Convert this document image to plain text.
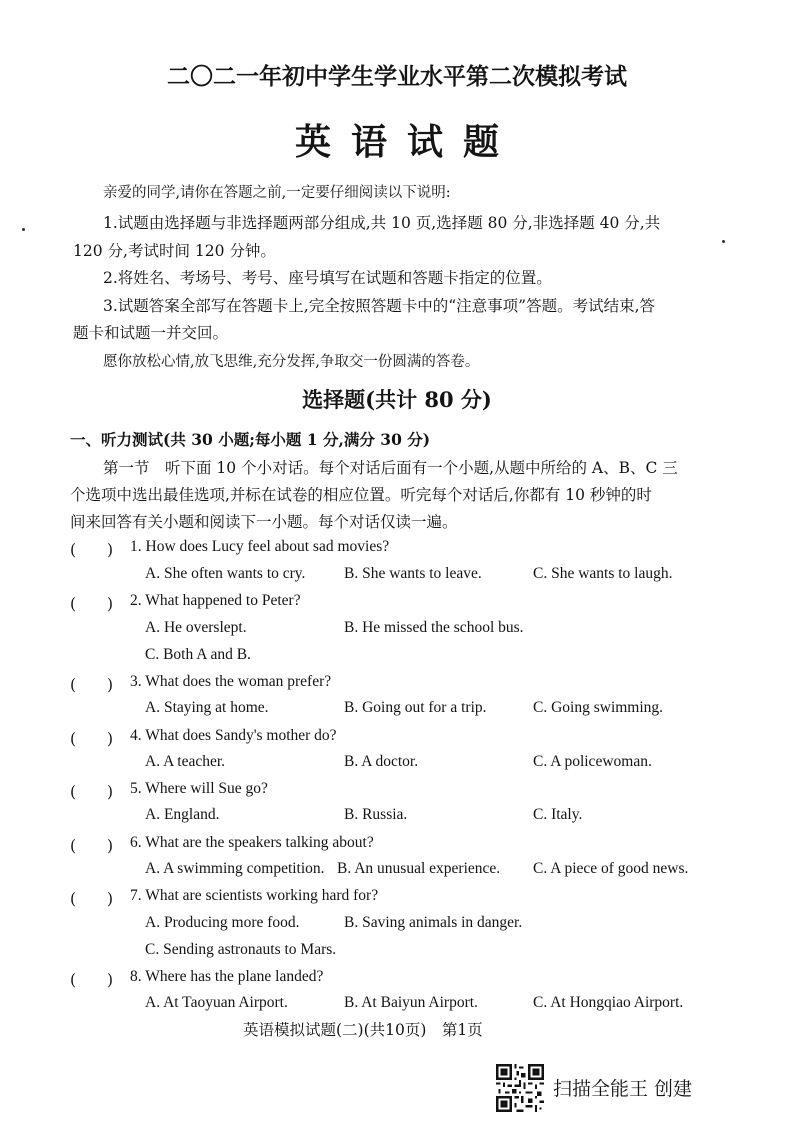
二〇二一年初中学生学业水平第二次模拟考试
英语试题
亲爱的同学,请你在答题之前,一定要仔细阅读以下说明:
1.试题由选择题与非选择题两部分组成,共 10 页,选择题 80 分,非选择题 40 分,共
120 分,考试时间 120 分钟。
2.将姓名、考场号、考号、座号填写在试题和答题卡指定的位置。
3.试题答案全部写在答题卡上,完全按照答题卡中的“注意事项”答题。考试结束,答
题卡和试题一并交回。
愿你放松心情,放飞思维,充分发挥,争取交一份圆满的答卷。
选择题(共计 80 分)
一、听力测试(共 30 小题;每小题 1 分,满分 30 分)
第一节　听下面 10 个小对话。每个对话后面有一个小题,从题中所给的 A、B、C 三
个选项中选出最佳选项,并标在试卷的相应位置。听完每个对话后,你都有 10 秒钟的时
间来回答有关小题和阅读下一小题。每个对话仅读一遍。
(　　) 1. How does Lucy feel about sad movies?
A. She often wants to cry. B. She wants to leave.	C. She wants to laugh.
(　　) 2. What happened to Peter?
A. He overslept.	B. He missed the school bus.
C. Both A and B.
(　　) 3. What does the woman prefer?
A. Staying at home.	B. Going out for a trip.	C. Going swimming.
(　　) 4. What does Sandy's mother do?
A. A teacher.	B. A doctor.	C. A policewoman.
(　　) 5. Where will Sue go?
A. England.	B. Russia.	C. Italy.
(　　) 6. What are the speakers talking about?
A. A swimming competition. B. An unusual experience. C. A piece of good news.
(　　) 7. What are scientists working hard for?
A. Producing more food.	B. Saving animals in danger.
C. Sending astronauts to Mars.
(　　) 8. Where has the plane landed?
A. At Taoyuan Airport.	B. At Baiyun Airport.	C. At Hongqiao Airport.
英语模拟试题(二)(共10页)　第1页
扫描全能王 创建
